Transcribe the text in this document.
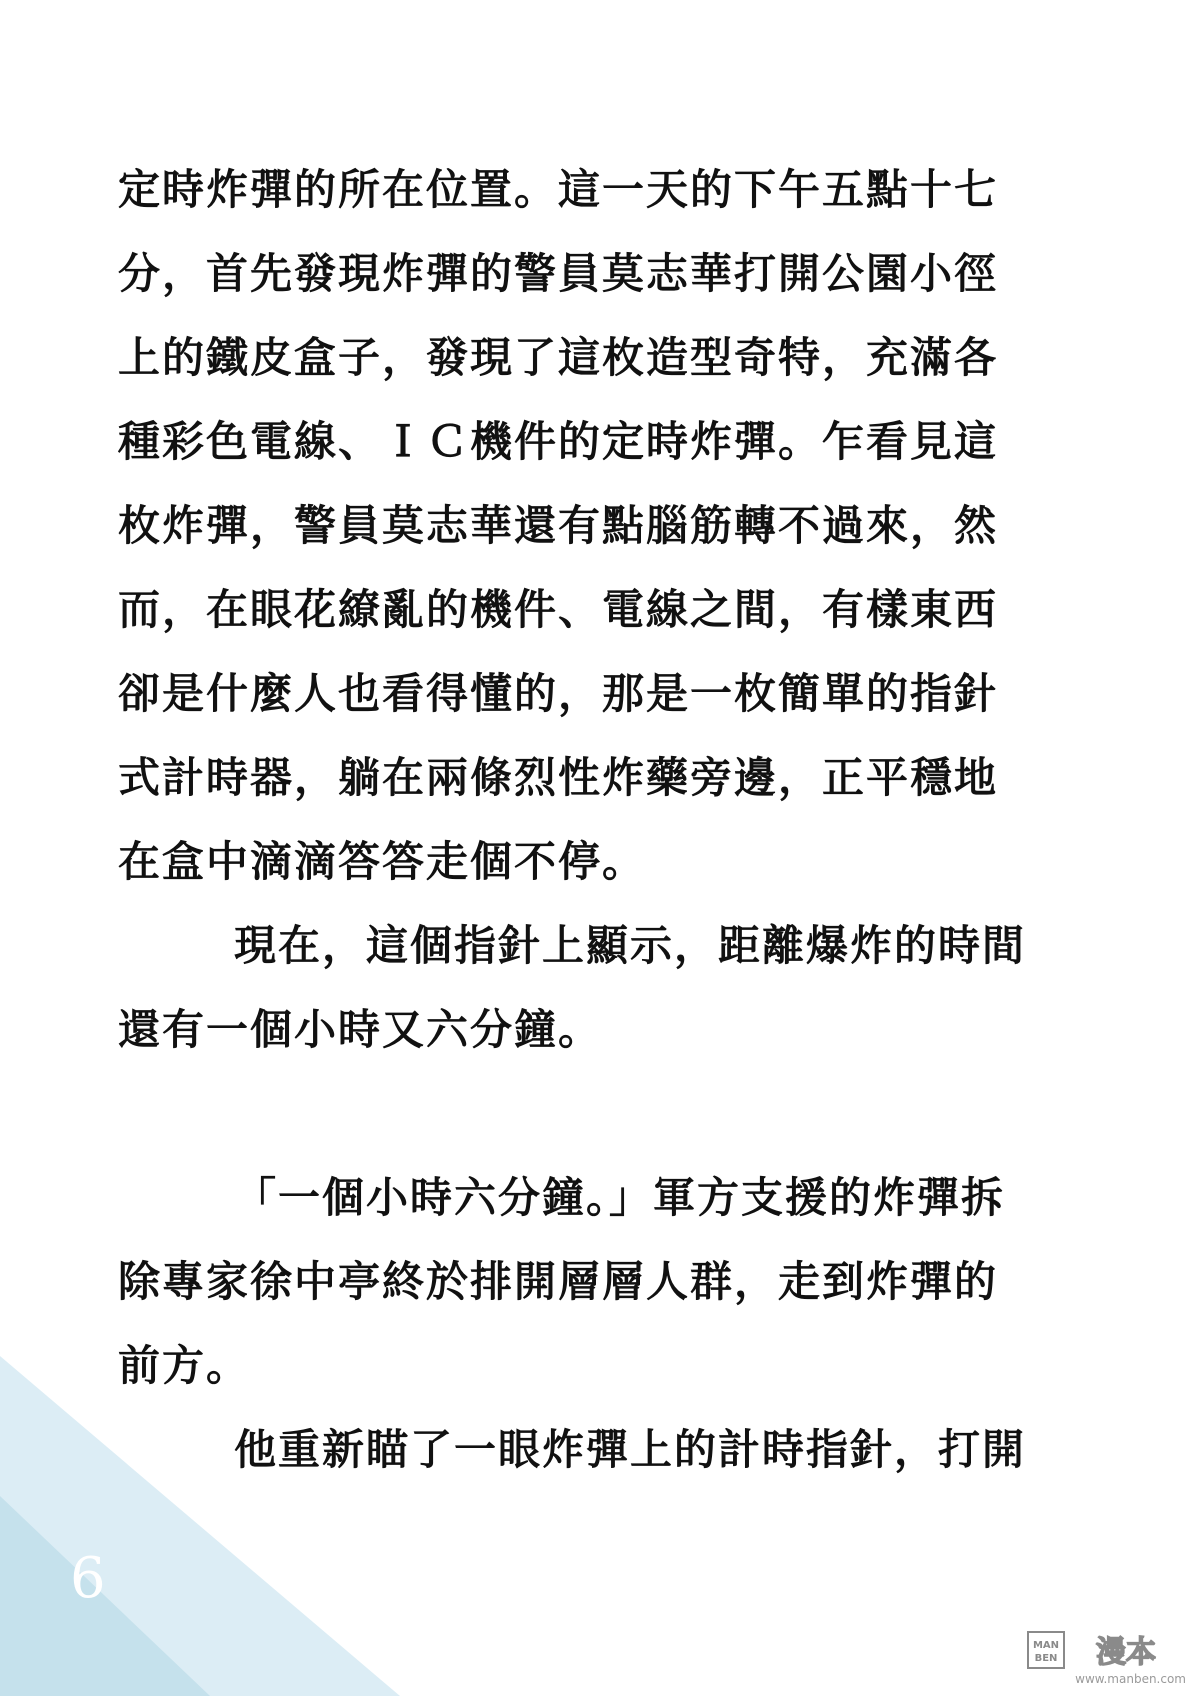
定時炸彈的所在位置。這一天的下午五點十七
分，首先發現炸彈的警員莫志華打開公園小徑
上的鐵皮盒子，發現了這枚造型奇特，充滿各
種彩色電線、ＩＣ機件的定時炸彈。乍看見這
枚炸彈，警員莫志華還有點腦筋轉不過來，然
而，在眼花繚亂的機件、電線之間，有樣東西
卻是什麼人也看得懂的，那是一枚簡單的指針
式計時器，躺在兩條烈性炸藥旁邊，正平穩地
在盒中滴滴答答走個不停。
現在，這個指針上顯示，距離爆炸的時間
還有一個小時又六分鐘。
「一個小時六分鐘。」軍方支援的炸彈拆
除專家徐中亭終於排開層層人群，走到炸彈的
前方。
他重新瞄了一眼炸彈上的計時指針，打開
6
MAN
BEN 漫本
www.manben.com
